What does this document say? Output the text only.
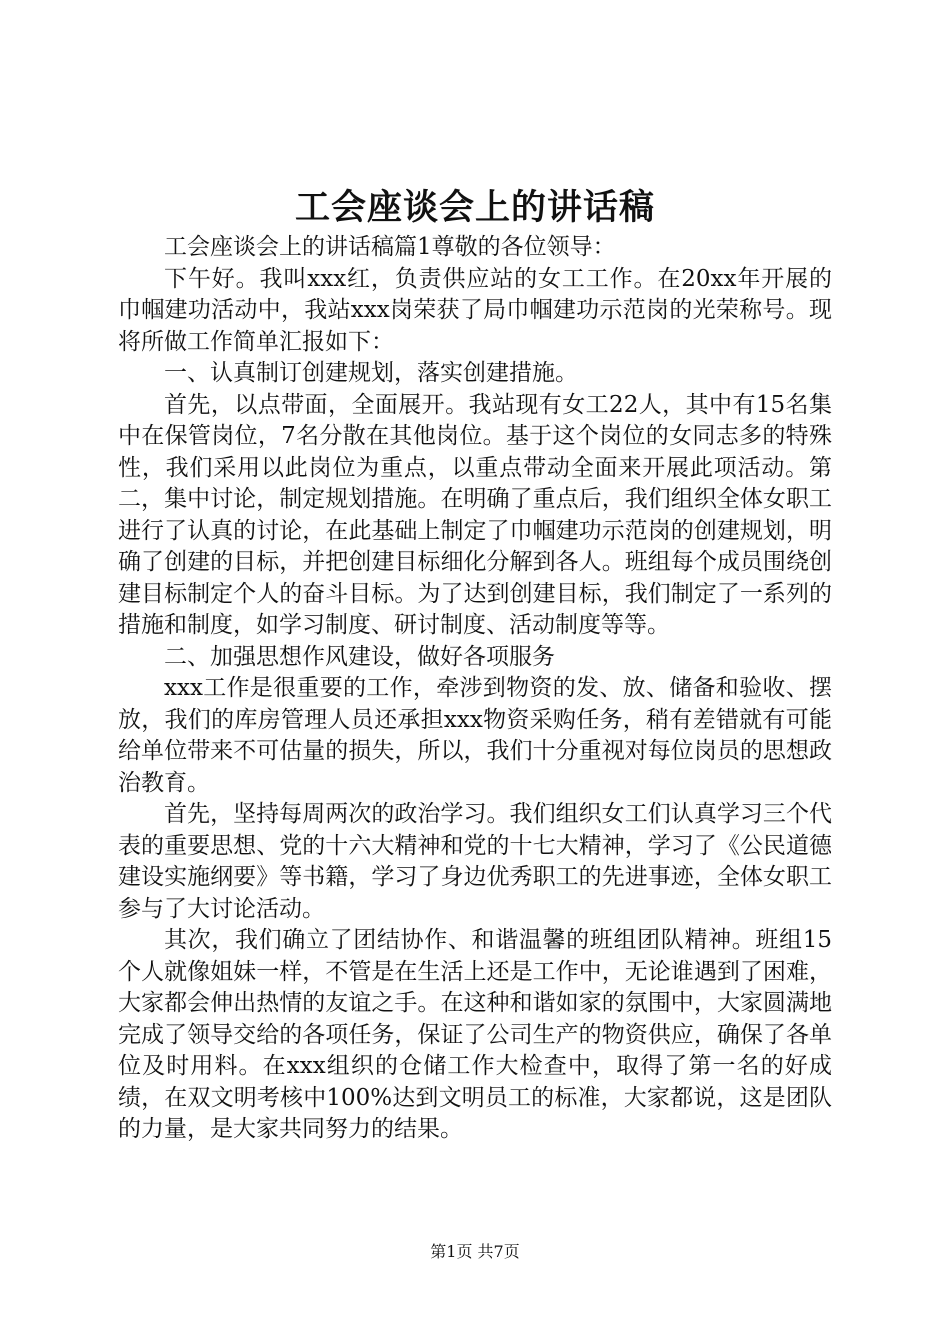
工会座谈会上的讲话稿

工会座谈会上的讲话稿篇1尊敬的各位领导：

下午好。我叫xxx红，负责供应站的女工工作。在20xx年开展的巾帼建功活动中，我站xxx岗荣获了局巾帼建功示范岗的光荣称号。现将所做工作简单汇报如下：

一、认真制订创建规划，落实创建措施。

首先，以点带面，全面展开。我站现有女工22人，其中有15名集中在保管岗位，7名分散在其他岗位。基于这个岗位的女同志多的特殊性，我们采用以此岗位为重点，以重点带动全面来开展此项活动。第二，集中讨论，制定规划措施。在明确了重点后，我们组织全体女职工进行了认真的讨论，在此基础上制定了巾帼建功示范岗的创建规划，明确了创建的目标，并把创建目标细化分解到各人。班组每个成员围绕创建目标制定个人的奋斗目标。为了达到创建目标，我们制定了一系列的措施和制度，如学习制度、研讨制度、活动制度等等。

二、加强思想作风建设，做好各项服务

xxx工作是很重要的工作，牵涉到物资的发、放、储备和验收、摆放，我们的库房管理人员还承担xxx物资采购任务，稍有差错就有可能给单位带来不可估量的损失，所以，我们十分重视对每位岗员的思想政治教育。

首先，坚持每周两次的政治学习。我们组织女工们认真学习三个代表的重要思想、党的十六大精神和党的十七大精神，学习了《公民道德建设实施纲要》等书籍，学习了身边优秀职工的先进事迹，全体女职工参与了大讨论活动。

其次，我们确立了团结协作、和谐温馨的班组团队精神。班组15个人就像姐妹一样，不管是在生活上还是工作中，无论谁遇到了困难，大家都会伸出热情的友谊之手。在这种和谐如家的氛围中，大家圆满地完成了领导交给的各项任务，保证了公司生产的物资供应，确保了各单位及时用料。在xxx组织的仓储工作大检查中，取得了第一名的好成绩，在双文明考核中100%达到文明员工的标准，大家都说，这是团队的力量，是大家共同努力的结果。

第1页 共7页
